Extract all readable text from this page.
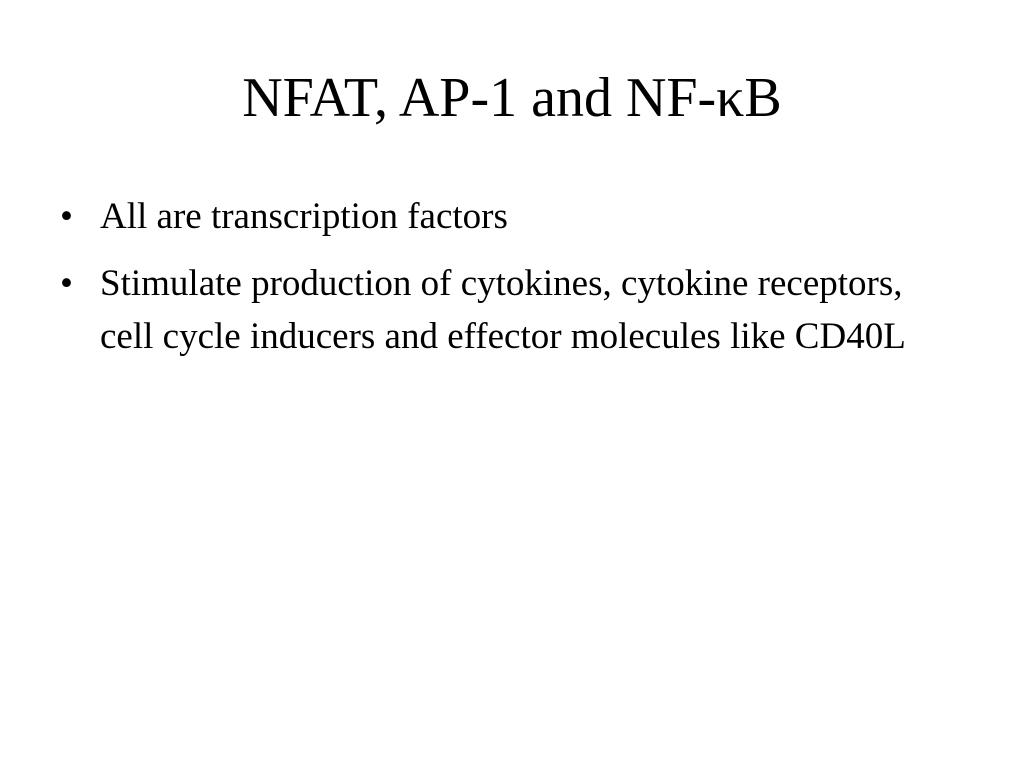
NFAT, AP-1 and NF-κB
• All are transcription factors
• Stimulate production of cytokines, cytokine receptors, cell cycle inducers and effector molecules like CD40L
